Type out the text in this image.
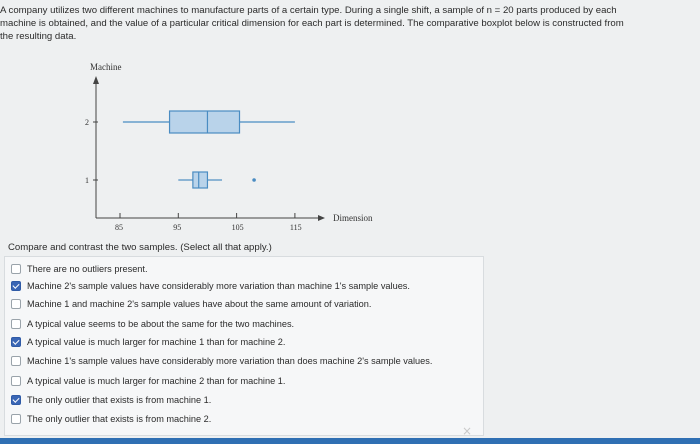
A company utilizes two different machines to manufacture parts of a certain type. During a single shift, a sample of n = 20 parts produced by each
machine is obtained, and the value of a particular critical dimension for each part is determined. The comparative boxplot below is constructed from
the resulting data.
Machine
Dimension
85	95	105	115
1
2
Compare and contrast the two samples. (Select all that apply.)
There are no outliers present.
Machine 2's sample values have considerably more variation than machine 1's sample values.
Machine 1 and machine 2's sample values have about the same amount of variation.
A typical value seems to be about the same for the two machines.
A typical value is much larger for machine 1 than for machine 2.
Machine 1's sample values have considerably more variation than does machine 2's sample values.
A typical value is much larger for machine 2 than for machine 1.
The only outlier that exists is from machine 1.
The only outlier that exists is from machine 2.
×
